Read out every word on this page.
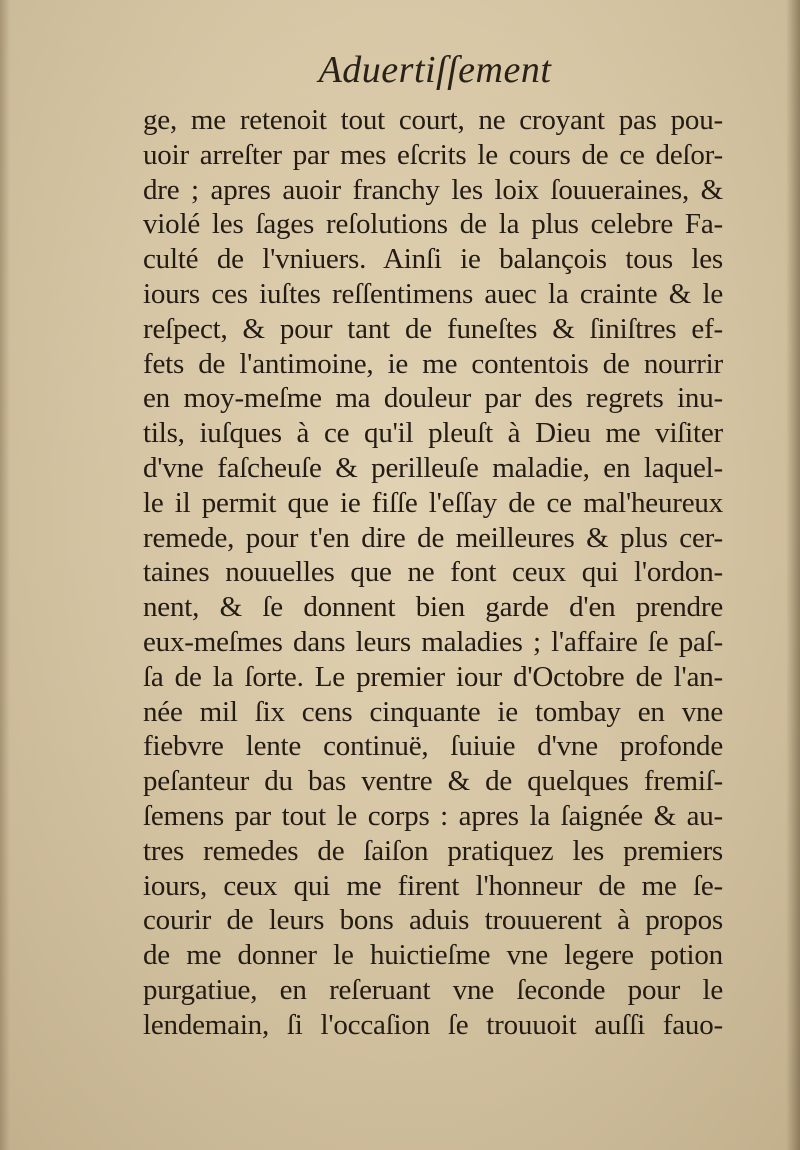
Aduertiſſement
ge, me retenoit tout court, ne croyant pas pou-
uoir arreſter par mes eſcrits le cours de ce deſor-
dre ; apres auoir franchy les loix ſouueraines, &
violé les ſages reſolutions de la plus celebre Fa-
culté de l'vniuers. Ainſi ie balançois tous les
iours ces iuſtes reſſentimens auec la crainte & le
reſpect, & pour tant de funeſtes & ſiniſtres ef-
fets de l'antimoine, ie me contentois de nourrir
en moy-meſme ma douleur par des regrets inu-
tils, iuſques à ce qu'il pleuſt à Dieu me viſiter
d'vne faſcheuſe & perilleuſe maladie, en laquel-
le il permit que ie fiſſe l'eſſay de ce mal'heureux
remede, pour t'en dire de meilleures & plus cer-
taines nouuelles que ne font ceux qui l'ordon-
nent, & ſe donnent bien garde d'en prendre
eux-meſmes dans leurs maladies ; l'affaire ſe paſ-
ſa de la ſorte. Le premier iour d'Octobre de l'an-
née mil ſix cens cinquante ie tombay en vne
fiebvre lente continuë, ſuiuie d'vne profonde
peſanteur du bas ventre & de quelques fremiſ-
ſemens par tout le corps : apres la ſaignée & au-
tres remedes de ſaiſon pratiquez les premiers
iours, ceux qui me firent l'honneur de me ſe-
courir de leurs bons aduis trouuerent à propos
de me donner le huictieſme vne legere potion
purgatiue, en reſeruant vne ſeconde pour le
lendemain, ſi l'occaſion ſe trouuoit auſſi fauo-
